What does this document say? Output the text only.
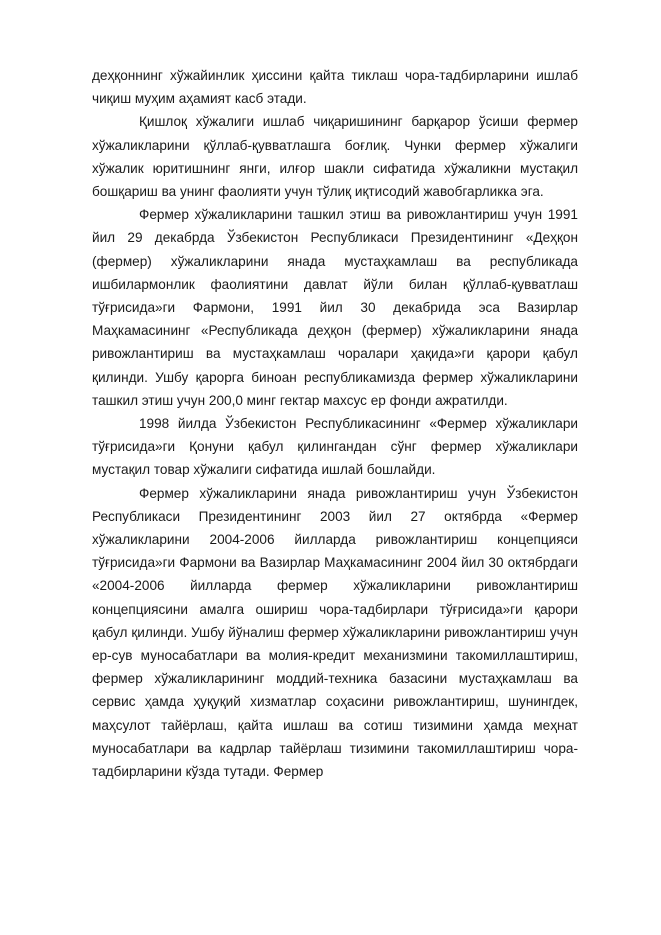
деҳқоннинг хўжайинлик ҳиссини қайта тиклаш чора-тадбирларини ишлаб чиқиш муҳим аҳамият касб этади.

Қишлоқ хўжалиги ишлаб чиқаришининг барқарор ўсиши фермер хўжаликларини қўллаб-қувватлашга боғлиқ. Чунки фермер хўжалиги хўжалик юритишнинг янги, илғор шакли сифатида хўжаликни мустақил бошқариш ва унинг фаолияти учун тўлиқ иқтисодий жавобгарликка эга.

Фермер хўжаликларини ташкил этиш ва ривожлантириш учун 1991 йил 29 декабрда Ўзбекистон Республикаси Президентининг «Деҳқон (фермер) хўжаликларини янада мустаҳкамлаш ва республикада ишбилармонлик фаолиятини давлат йўли билан қўллаб-қувватлаш тўғрисида»ги Фармони, 1991 йил 30 декабрида эса Вазирлар Маҳкамасининг «Республикада деҳқон (фермер) хўжаликларини янада ривожлантириш ва мустаҳкамлаш чоралари ҳақида»ги қарори қабул қилинди. Ушбу қарорга биноан республикамизда фермер хўжаликларини ташкил этиш учун 200,0 минг гектар махсус ер фонди ажратилди.

1998 йилда Ўзбекистон Республикасининг «Фермер хўжаликлари тўғрисида»ги Қонуни қабул қилингандан сўнг фермер хўжаликлари мустақил товар хўжалиги сифатида ишлай бошлайди.

Фермер хўжаликларини янада ривожлантириш учун Ўзбекистон Республикаси Президентининг 2003 йил 27 октябрда «Фермер хўжаликларини 2004-2006 йилларда ривожлантириш концепцияси тўғрисида»ги Фармони ва Вазирлар Маҳкамасининг 2004 йил 30 октябрдаги «2004-2006 йилларда фермер хўжаликларини ривожлантириш концепциясини амалга ошириш чора-тадбирлари тўғрисида»ги қарори қабул қилинди. Ушбу йўналиш фермер хўжаликларини ривожлантириш учун ер-сув муносабатлари ва молия-кредит механизмини такомиллаштириш, фермер хўжаликларининг моддий-техника базасини мустаҳкамлаш ва сервис ҳамда ҳуқуқий хизматлар соҳасини ривожлантириш, шунингдек, маҳсулот тайёрлаш, қайта ишлаш ва сотиш тизимини ҳамда меҳнат муносабатлари ва кадрлар тайёрлаш тизимини такомиллаштириш чора-тадбирларини кўзда тутади. Фермер
